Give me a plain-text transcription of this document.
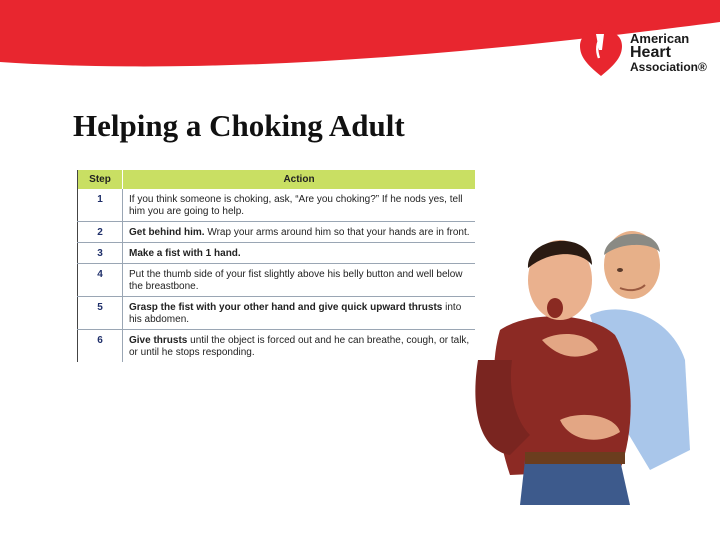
American
Heart
Association®
Helping a Choking Adult
Step	Action
1	If you think someone is choking, ask, “Are you choking?” If he nods yes, tell him you are going to help.
2	Get behind him. Wrap your arms around him so that your hands are in front.
3	Make a fist with 1 hand.
4	Put the thumb side of your fist slightly above his belly button and well below the breastbone.
5	Grasp the fist with your other hand and give quick upward thrusts into his abdomen.
6	Give thrusts until the object is forced out and he can breathe, cough, or talk, or until he stops responding.
